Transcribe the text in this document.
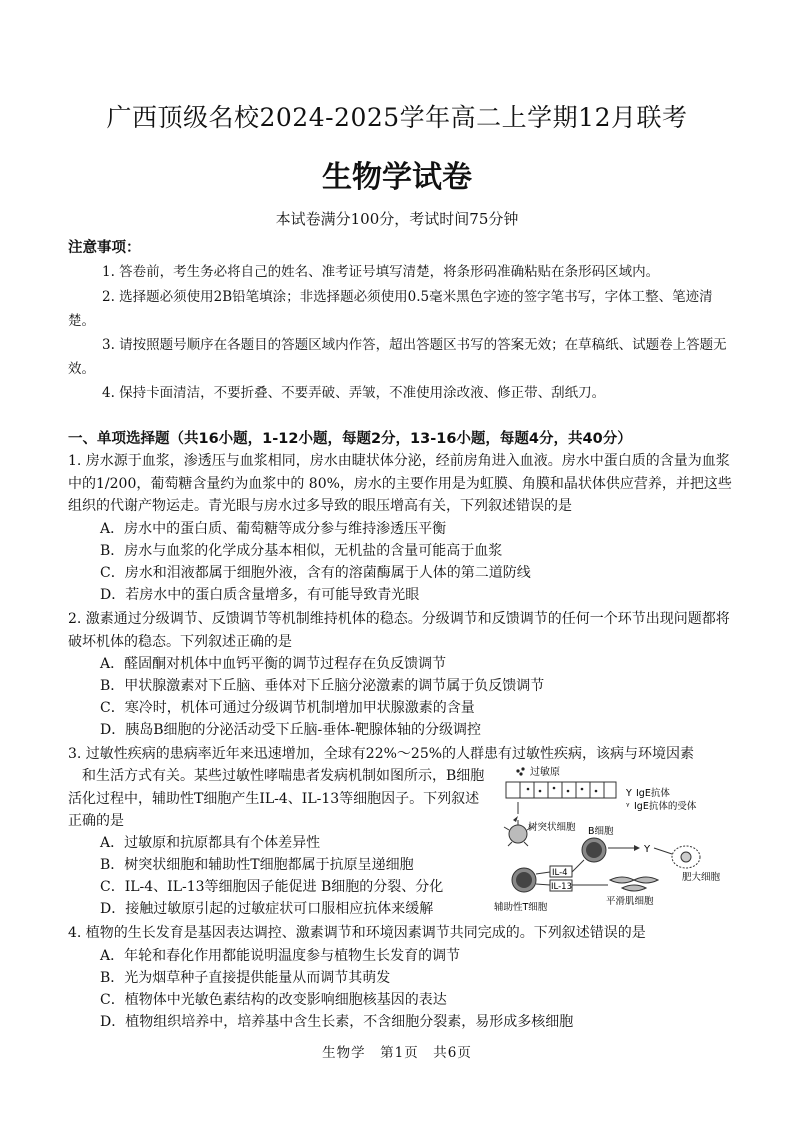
广西顶级名校2024-2025学年高二上学期12月联考
生物学试卷
本试卷满分100分，考试时间75分钟
注意事项：
1. 答卷前，考生务必将自己的姓名、准考证号填写清楚，将条形码准确粘贴在条形码区域内。
2. 选择题必须使用2B铅笔填涂；非选择题必须使用0.5毫米黑色字迹的签字笔书写，字体工整、笔迹清楚。
3. 请按照题号顺序在各题目的答题区域内作答，超出答题区书写的答案无效；在草稿纸、试题卷上答题无效。
4. 保持卡面清洁，不要折叠、不要弄破、弄皱，不准使用涂改液、修正带、刮纸刀。
一、单项选择题（共16小题，1-12小题，每题2分，13-16小题，每题4分，共40分）
1. 房水源于血浆，渗透压与血浆相同，房水由睫状体分泌，经前房角进入血液。房水中蛋白质的含量为血浆中的1/200，葡萄糖含量约为血浆中的 80%，房水的主要作用是为虹膜、角膜和晶状体供应营养，并把这些组织的代谢产物运走。青光眼与房水过多导致的眼压增高有关，下列叙述错误的是
A．房水中的蛋白质、葡萄糖等成分参与维持渗透压平衡
B．房水与血浆的化学成分基本相似，无机盐的含量可能高于血浆
C．房水和泪液都属于细胞外液，含有的溶菌酶属于人体的第二道防线
D．若房水中的蛋白质含量增多，有可能导致青光眼
2. 激素通过分级调节、反馈调节等机制维持机体的稳态。分级调节和反馈调节的任何一个环节出现问题都将破坏机体的稳态。下列叙述正确的是
A．醛固酮对机体中血钙平衡的调节过程存在负反馈调节
B．甲状腺激素对下丘脑、垂体对下丘脑分泌激素的调节属于负反馈调节
C．寒冷时，机体可通过分级调节机制增加甲状腺激素的含量
D．胰岛B细胞的分泌活动受下丘脑-垂体-靶腺体轴的分级调控
3. 过敏性疾病的患病率近年来迅速增加，全球有22%～25%的人群患有过敏性疾病，该病与环境因素
和生活方式有关。某些过敏性哮喘患者发病机制如图所示，B细胞活化过程中，辅助性T细胞产生IL-4、IL-13等细胞因子。下列叙述正确的是
A．过敏原和抗原都具有个体差异性
B．树突状细胞和辅助性T细胞都属于抗原呈递细胞
C．IL-4、IL-13等细胞因子能促进 B细胞的分裂、分化
D．接触过敏原引起的过敏症状可口服相应抗体来缓解
过敏原
Y IgE抗体
ᵞ IgE抗体的受体
树突状细胞 B细胞
Y
肥大细胞
辅助性T细胞
IL-4
IL-13
平滑肌细胞
4. 植物的生长发育是基因表达调控、激素调节和环境因素调节共同完成的。下列叙述错误的是
A．年轮和春化作用都能说明温度参与植物生长发育的调节
B．光为烟草种子直接提供能量从而调节其萌发
C．植物体中光敏色素结构的改变影响细胞核基因的表达
D．植物组织培养中，培养基中含生长素，不含细胞分裂素，易形成多核细胞
生物学　第1页　共6页
